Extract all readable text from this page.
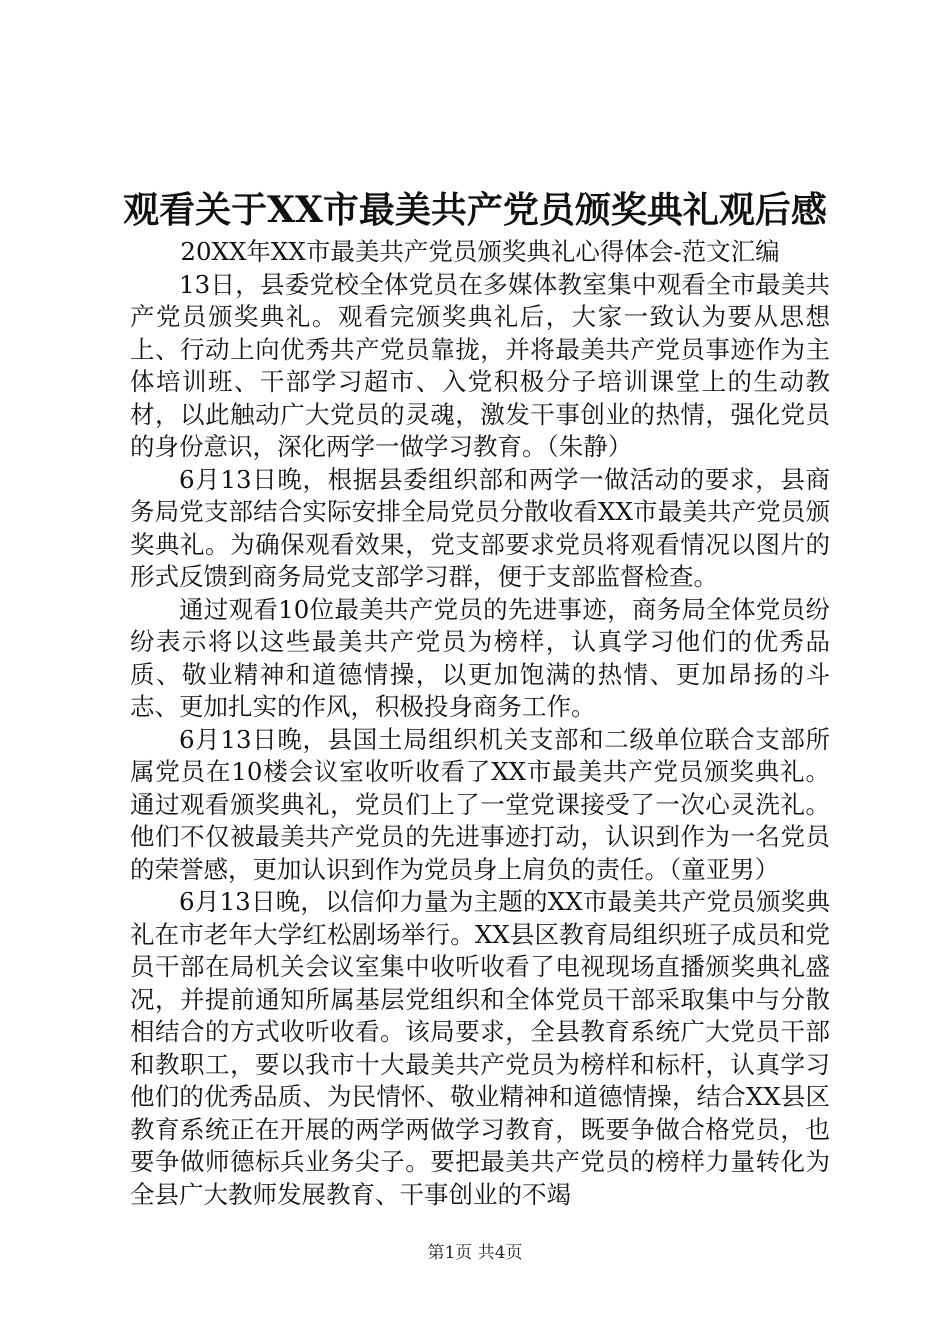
观看关于XX市最美共产党员颁奖典礼观后感

20XX年XX市最美共产党员颁奖典礼心得体会-范文汇编

13日，县委党校全体党员在多媒体教室集中观看全市最美共产党员颁奖典礼。观看完颁奖典礼后，大家一致认为要从思想上、行动上向优秀共产党员靠拢，并将最美共产党员事迹作为主体培训班、干部学习超市、入党积极分子培训课堂上的生动教材，以此触动广大党员的灵魂，激发干事创业的热情，强化党员的身份意识，深化两学一做学习教育。（朱静）

6月13日晚，根据县委组织部和两学一做活动的要求，县商务局党支部结合实际安排全局党员分散收看XX市最美共产党员颁奖典礼。为确保观看效果，党支部要求党员将观看情况以图片的形式反馈到商务局党支部学习群，便于支部监督检查。

通过观看10位最美共产党员的先进事迹，商务局全体党员纷纷表示将以这些最美共产党员为榜样，认真学习他们的优秀品质、敬业精神和道德情操，以更加饱满的热情、更加昂扬的斗志、更加扎实的作风，积极投身商务工作。

6月13日晚，县国土局组织机关支部和二级单位联合支部所属党员在10楼会议室收听收看了XX市最美共产党员颁奖典礼。通过观看颁奖典礼，党员们上了一堂党课接受了一次心灵洗礼。他们不仅被最美共产党员的先进事迹打动，认识到作为一名党员的荣誉感，更加认识到作为党员身上肩负的责任。（童亚男）

6月13日晚，以信仰力量为主题的XX市最美共产党员颁奖典礼在市老年大学红松剧场举行。XX县区教育局组织班子成员和党员干部在局机关会议室集中收听收看了电视现场直播颁奖典礼盛况，并提前通知所属基层党组织和全体党员干部采取集中与分散相结合的方式收听收看。该局要求，全县教育系统广大党员干部和教职工，要以我市十大最美共产党员为榜样和标杆，认真学习他们的优秀品质、为民情怀、敬业精神和道德情操，结合XX县区教育系统正在开展的两学两做学习教育，既要争做合格党员，也要争做师德标兵业务尖子。要把最美共产党员的榜样力量转化为全县广大教师发展教育、干事创业的不竭

第1页 共4页
